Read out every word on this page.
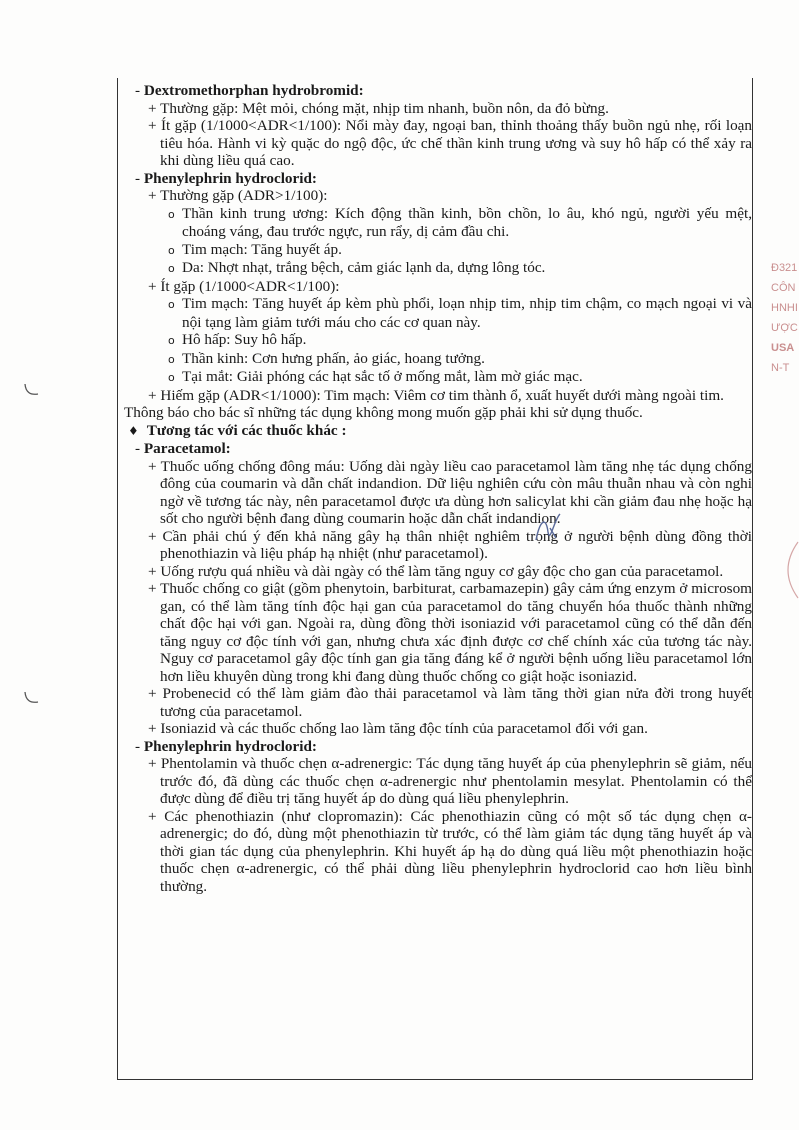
- Dextromethorphan hydrobromid:

+ Thường gặp: Mệt mỏi, chóng mặt, nhịp tim nhanh, buồn nôn, da đỏ bừng.

+ Ít gặp (1/1000<ADR<1/100): Nổi mày đay, ngoại ban, thỉnh thoảng thấy buồn ngủ nhẹ, rối loạn tiêu hóa. Hành vi kỳ quặc do ngộ độc, ức chế thần kinh trung ương và suy hô hấp có thể xảy ra khi dùng liều quá cao.

- Phenylephrin hydroclorid:

+ Thường gặp (ADR>1/100):

o Thần kinh trung ương: Kích động thần kinh, bồn chồn, lo âu, khó ngủ, người yếu mệt, choáng váng, đau trước ngực, run rẩy, dị cảm đầu chi.

o Tim mạch: Tăng huyết áp.

o Da: Nhợt nhạt, trắng bệch, cảm giác lạnh da, dựng lông tóc.

+ Ít gặp (1/1000<ADR<1/100):

o Tim mạch: Tăng huyết áp kèm phù phổi, loạn nhịp tim, nhịp tim chậm, co mạch ngoại vi và nội tạng làm giảm tưới máu cho các cơ quan này.

o Hô hấp: Suy hô hấp.

o Thần kinh: Cơn hưng phấn, ảo giác, hoang tưởng.

o Tại mắt: Giải phóng các hạt sắc tố ở mống mắt, làm mờ giác mạc.

+ Hiếm gặp (ADR<1/1000): Tim mạch: Viêm cơ tim thành ổ, xuất huyết dưới màng ngoài tim.

Thông báo cho bác sĩ những tác dụng không mong muốn gặp phải khi sử dụng thuốc.

♦ Tương tác với các thuốc khác :

- Paracetamol:

+ Thuốc uống chống đông máu: Uống dài ngày liều cao paracetamol làm tăng nhẹ tác dụng chống đông của coumarin và dẫn chất indandion. Dữ liệu nghiên cứu còn mâu thuẫn nhau và còn nghi ngờ về tương tác này, nên paracetamol được ưa dùng hơn salicylat khi cần giảm đau nhẹ hoặc hạ sốt cho người bệnh đang dùng coumarin hoặc dẫn chất indandion.

+ Cần phải chú ý đến khả năng gây hạ thân nhiệt nghiêm trọng ở người bệnh dùng đồng thời phenothiazin và liệu pháp hạ nhiệt (như paracetamol).

+ Uống rượu quá nhiều và dài ngày có thể làm tăng nguy cơ gây độc cho gan của paracetamol.

+ Thuốc chống co giật (gồm phenytoin, barbiturat, carbamazepin) gây cảm ứng enzym ở microsom gan, có thể làm tăng tính độc hại gan của paracetamol do tăng chuyển hóa thuốc thành những chất độc hại với gan. Ngoài ra, dùng đồng thời isoniazid với paracetamol cũng có thể dẫn đến tăng nguy cơ độc tính với gan, nhưng chưa xác định được cơ chế chính xác của tương tác này. Nguy cơ paracetamol gây độc tính gan gia tăng đáng kể ở người bệnh uống liều paracetamol lớn hơn liều khuyên dùng trong khi đang dùng thuốc chống co giật hoặc isoniazid.

+ Probenecid có thể làm giảm đào thải paracetamol và làm tăng thời gian nửa đời trong huyết tương của paracetamol.

+ Isoniazid và các thuốc chống lao làm tăng độc tính của paracetamol đối với gan.

- Phenylephrin hydroclorid:

+ Phentolamin và thuốc chẹn α-adrenergic: Tác dụng tăng huyết áp của phenylephrin sẽ giảm, nếu trước đó, đã dùng các thuốc chẹn α-adrenergic như phentolamin mesylat. Phentolamin có thể được dùng để điều trị tăng huyết áp do dùng quá liều phenylephrin.

+ Các phenothiazin (như clopromazin): Các phenothiazin cũng có một số tác dụng chẹn α-adrenergic; do đó, dùng một phenothiazin từ trước, có thể làm giảm tác dụng tăng huyết áp và thời gian tác dụng của phenylephrin. Khi huyết áp hạ do dùng quá liều một phenothiazin hoặc thuốc chẹn α-adrenergic, có thể phải dùng liều phenylephrin hydroclorid cao hơn liều bình thường.

Đ321
CÔN
HNHI
ƯỢC
USA
N-T
